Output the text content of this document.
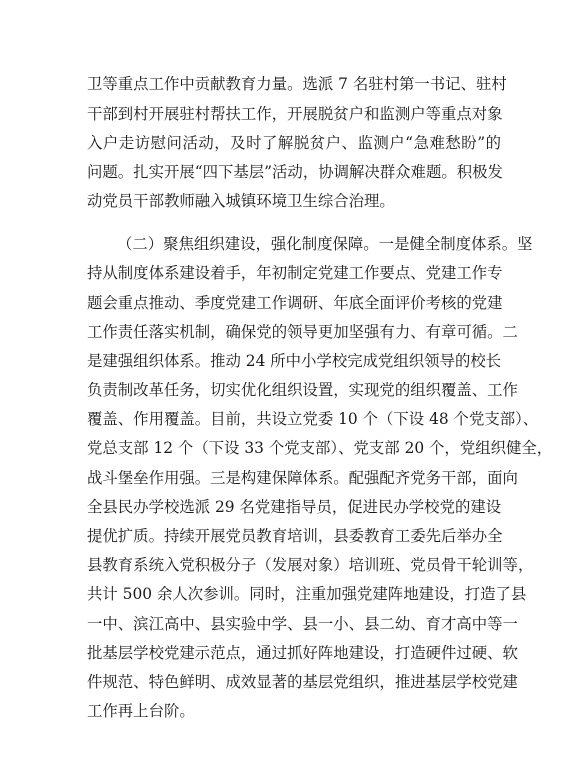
卫等重点工作中贡献教育力量。选派 7 名驻村第一书记、驻村
干部到村开展驻村帮扶工作，开展脱贫户和监测户等重点对象
入户走访慰问活动，及时了解脱贫户、监测户“急难愁盼”的
问题。扎实开展“四下基层”活动，协调解决群众难题。积极发
动党员干部教师融入城镇环境卫生综合治理。
（二）聚焦组织建设，强化制度保障。一是健全制度体系。坚
持从制度体系建设着手，年初制定党建工作要点、党建工作专
题会重点推动、季度党建工作调研、年底全面评价考核的党建
工作责任落实机制，确保党的领导更加坚强有力、有章可循。二
是建强组织体系。推动 24 所中小学校完成党组织领导的校长
负责制改革任务，切实优化组织设置，实现党的组织覆盖、工作
覆盖、作用覆盖。目前，共设立党委 10 个（下设 48 个党支部）、
党总支部 12 个（下设 33 个党支部）、党支部 20 个，党组织健全，
战斗堡垒作用强。三是构建保障体系。配强配齐党务干部，面向
全县民办学校选派 29 名党建指导员，促进民办学校党的建设
提优扩质。持续开展党员教育培训，县委教育工委先后举办全
县教育系统入党积极分子（发展对象）培训班、党员骨干轮训等，
共计 500 余人次参训。同时，注重加强党建阵地建设，打造了县
一中、滨江高中、县实验中学、县一小、县二幼、育才高中等一
批基层学校党建示范点，通过抓好阵地建设，打造硬件过硬、软
件规范、特色鲜明、成效显著的基层党组织，推进基层学校党建
工作再上台阶。
